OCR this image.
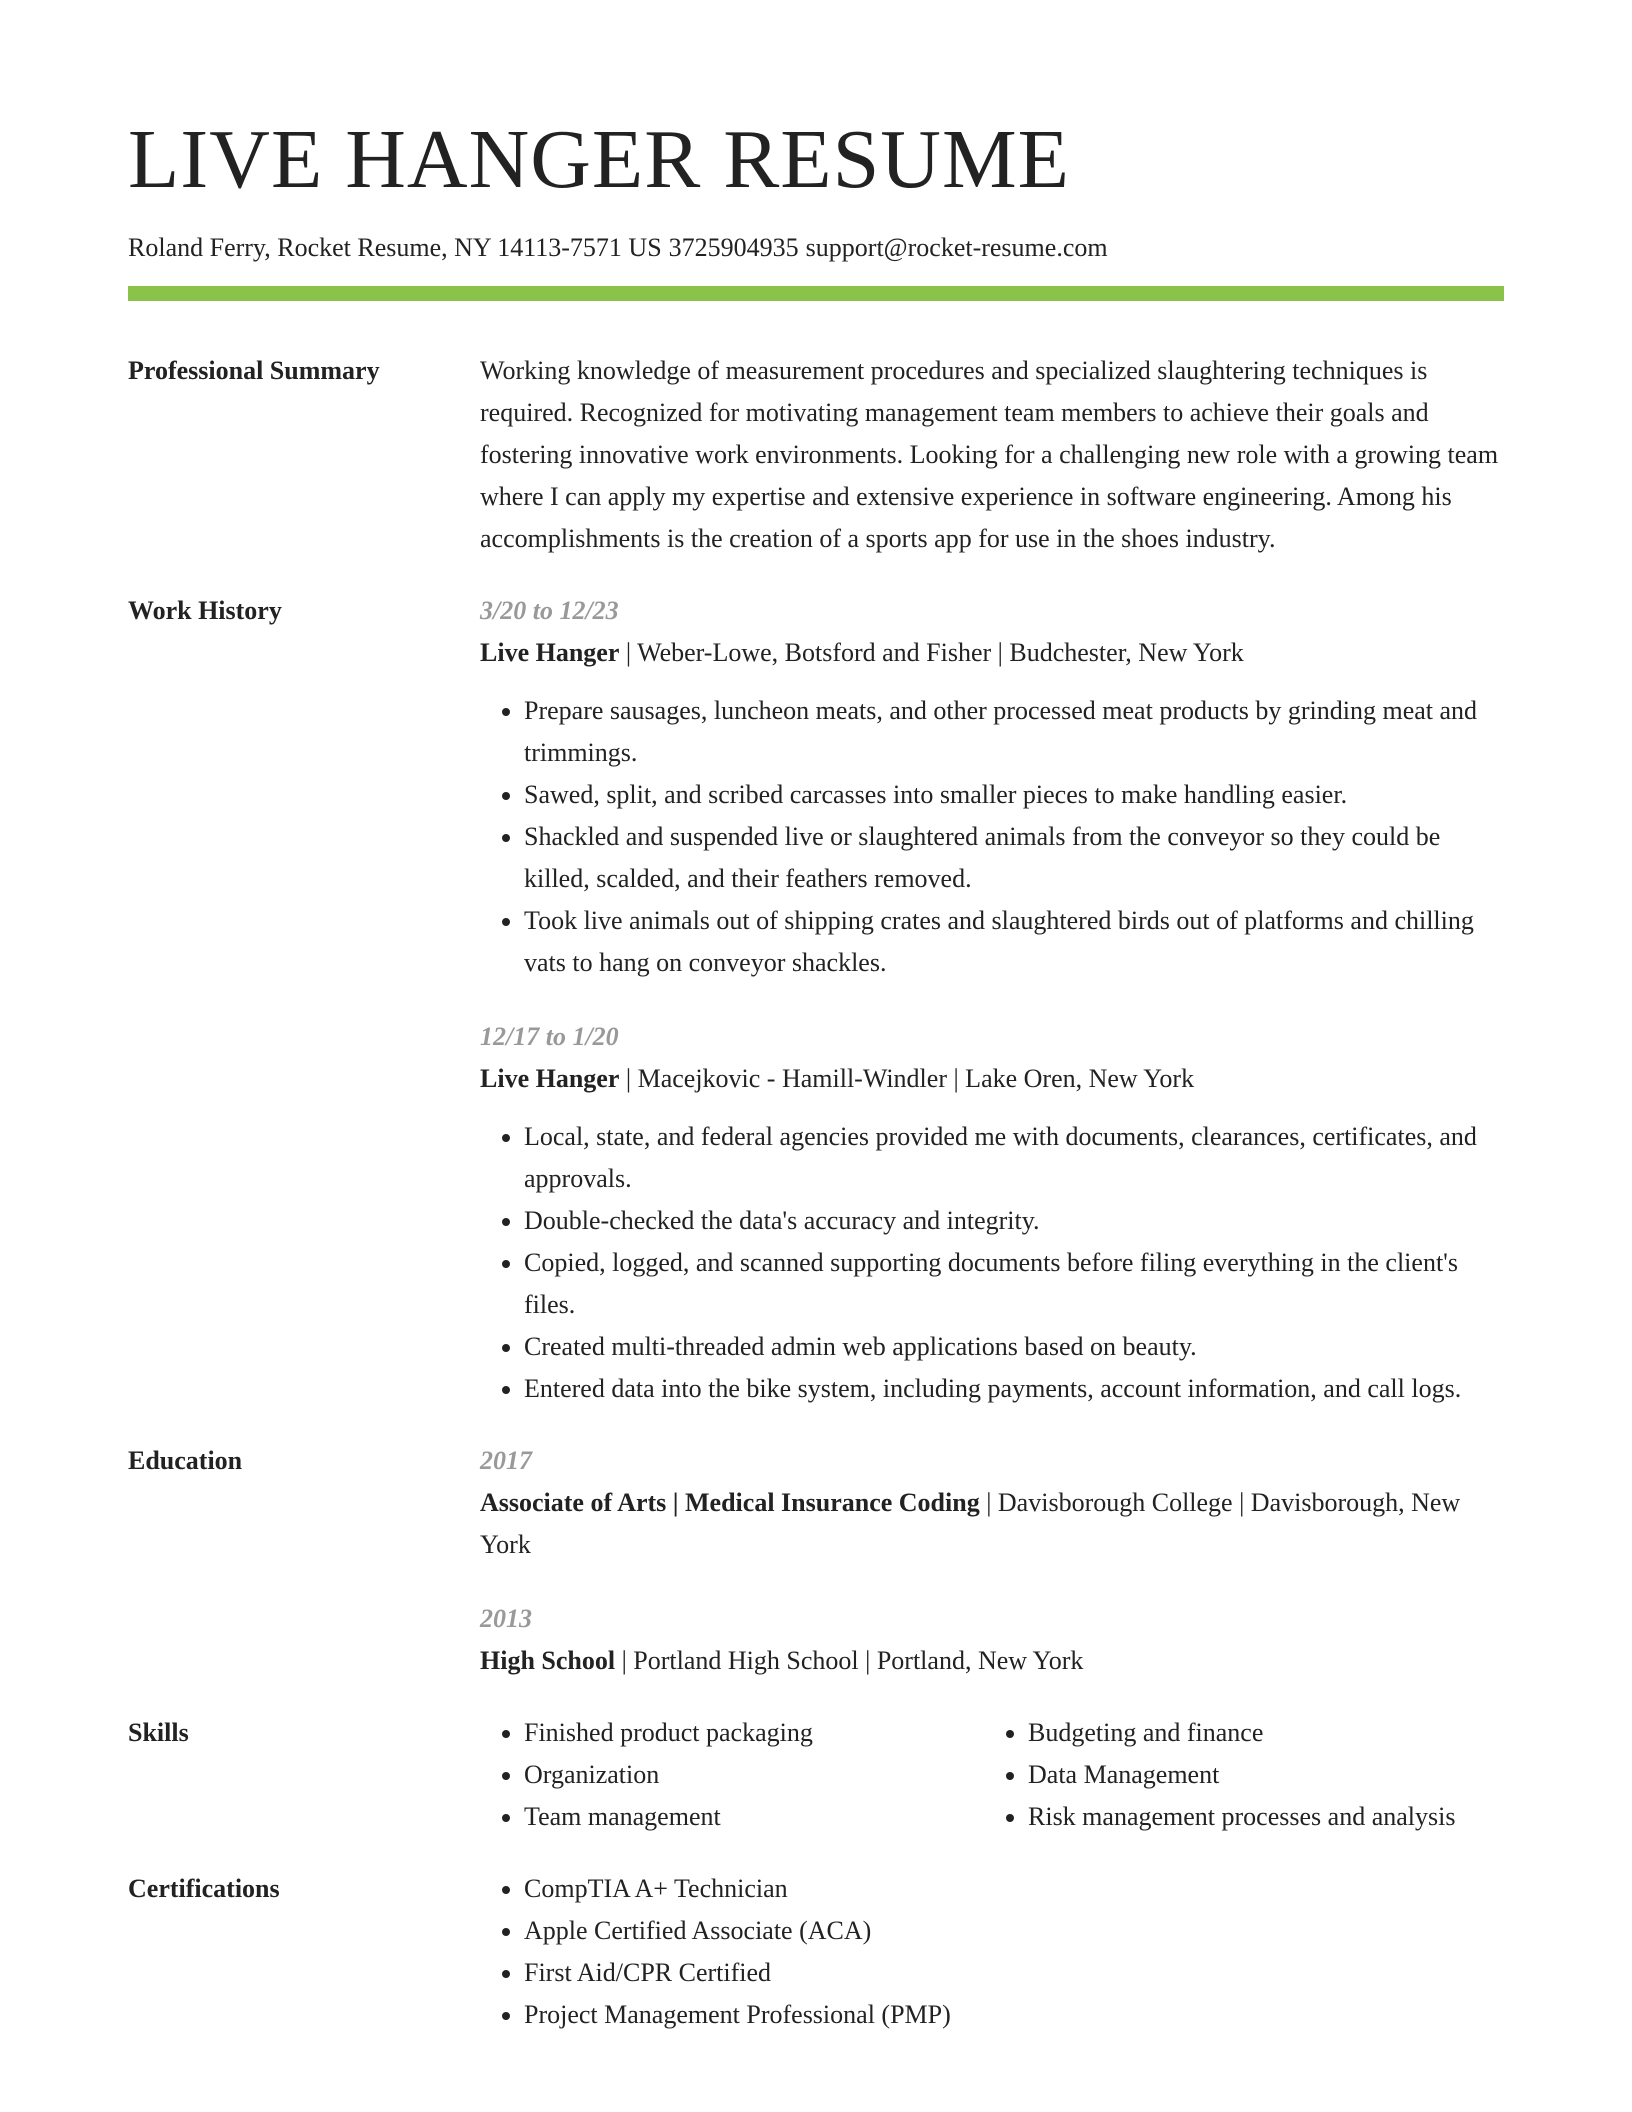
LIVE HANGER RESUME
Roland Ferry, Rocket Resume, NY 14113-7571 US 3725904935 support@rocket-resume.com
Professional Summary	Working knowledge of measurement procedures and specialized slaughtering techniques is required. Recognized for motivating management team members to achieve their goals and fostering innovative work environments. Looking for a challenging new role with a growing team where I can apply my expertise and extensive experience in software engineering. Among his accomplishments is the creation of a sports app for use in the shoes industry.

Work History	3/20 to 12/23
Live Hanger | Weber-Lowe, Botsford and Fisher | Budchester, New York
• Prepare sausages, luncheon meats, and other processed meat products by grinding meat and trimmings.
• Sawed, split, and scribed carcasses into smaller pieces to make handling easier.
• Shackled and suspended live or slaughtered animals from the conveyor so they could be killed, scalded, and their feathers removed.
• Took live animals out of shipping crates and slaughtered birds out of platforms and chilling vats to hang on conveyor shackles.
12/17 to 1/20
Live Hanger | Macejkovic - Hamill-Windler | Lake Oren, New York
• Local, state, and federal agencies provided me with documents, clearances, certificates, and approvals.
• Double-checked the data's accuracy and integrity.
• Copied, logged, and scanned supporting documents before filing everything in the client's files.
• Created multi-threaded admin web applications based on beauty.
• Entered data into the bike system, including payments, account information, and call logs.
Education	2017
Associate of Arts | Medical Insurance Coding | Davisborough College | Davisborough, New York
2013
High School | Portland High School | Portland, New York
Skills	• Finished product packaging
• Organization
• Team management
• Budgeting and finance
• Data Management
• Risk management processes and analysis
Certifications	• CompTIA A+ Technician
• Apple Certified Associate (ACA)
• First Aid/CPR Certified
• Project Management Professional (PMP)
